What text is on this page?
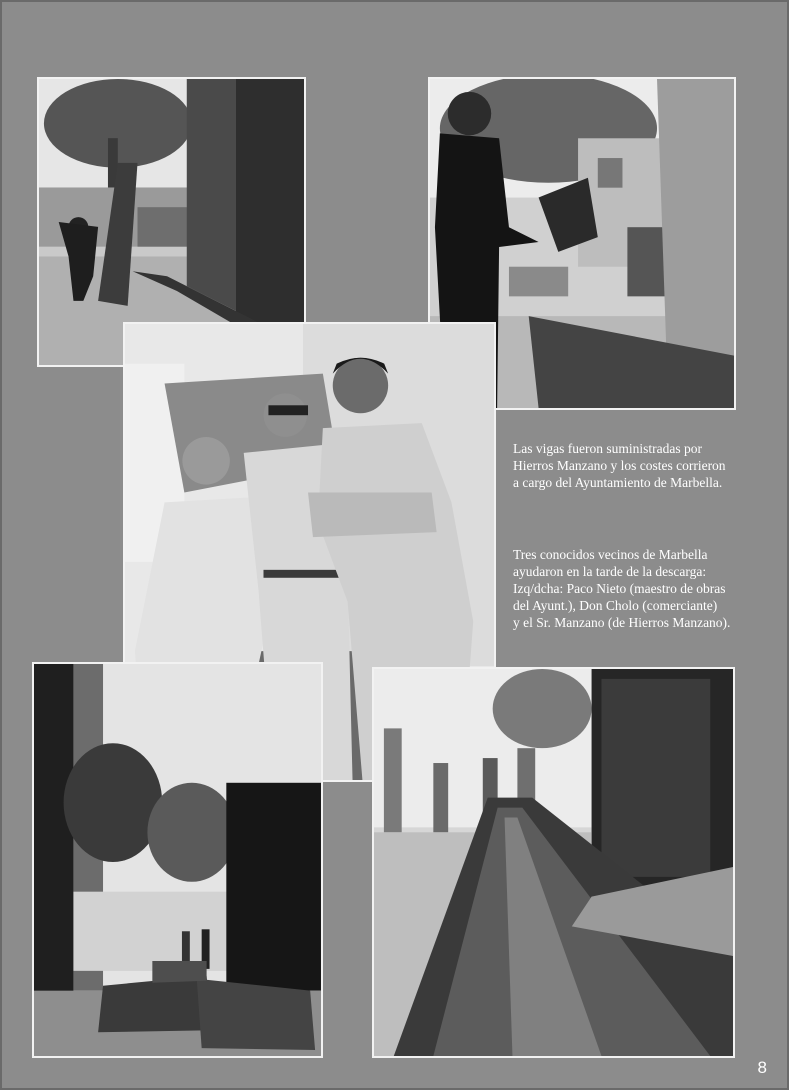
Las vigas fueron suministradas por

Hierros Manzano y los costes corrieron

a cargo del Ayuntamiento de Marbella.

Tres conocidos vecinos de Marbella

ayudaron en la tarde de la descarga:

Izq/dcha: Paco Nieto (maestro de obras

del Ayunt.), Don Cholo (comerciante)

y el Sr. Manzano (de Hierros Manzano).

8
